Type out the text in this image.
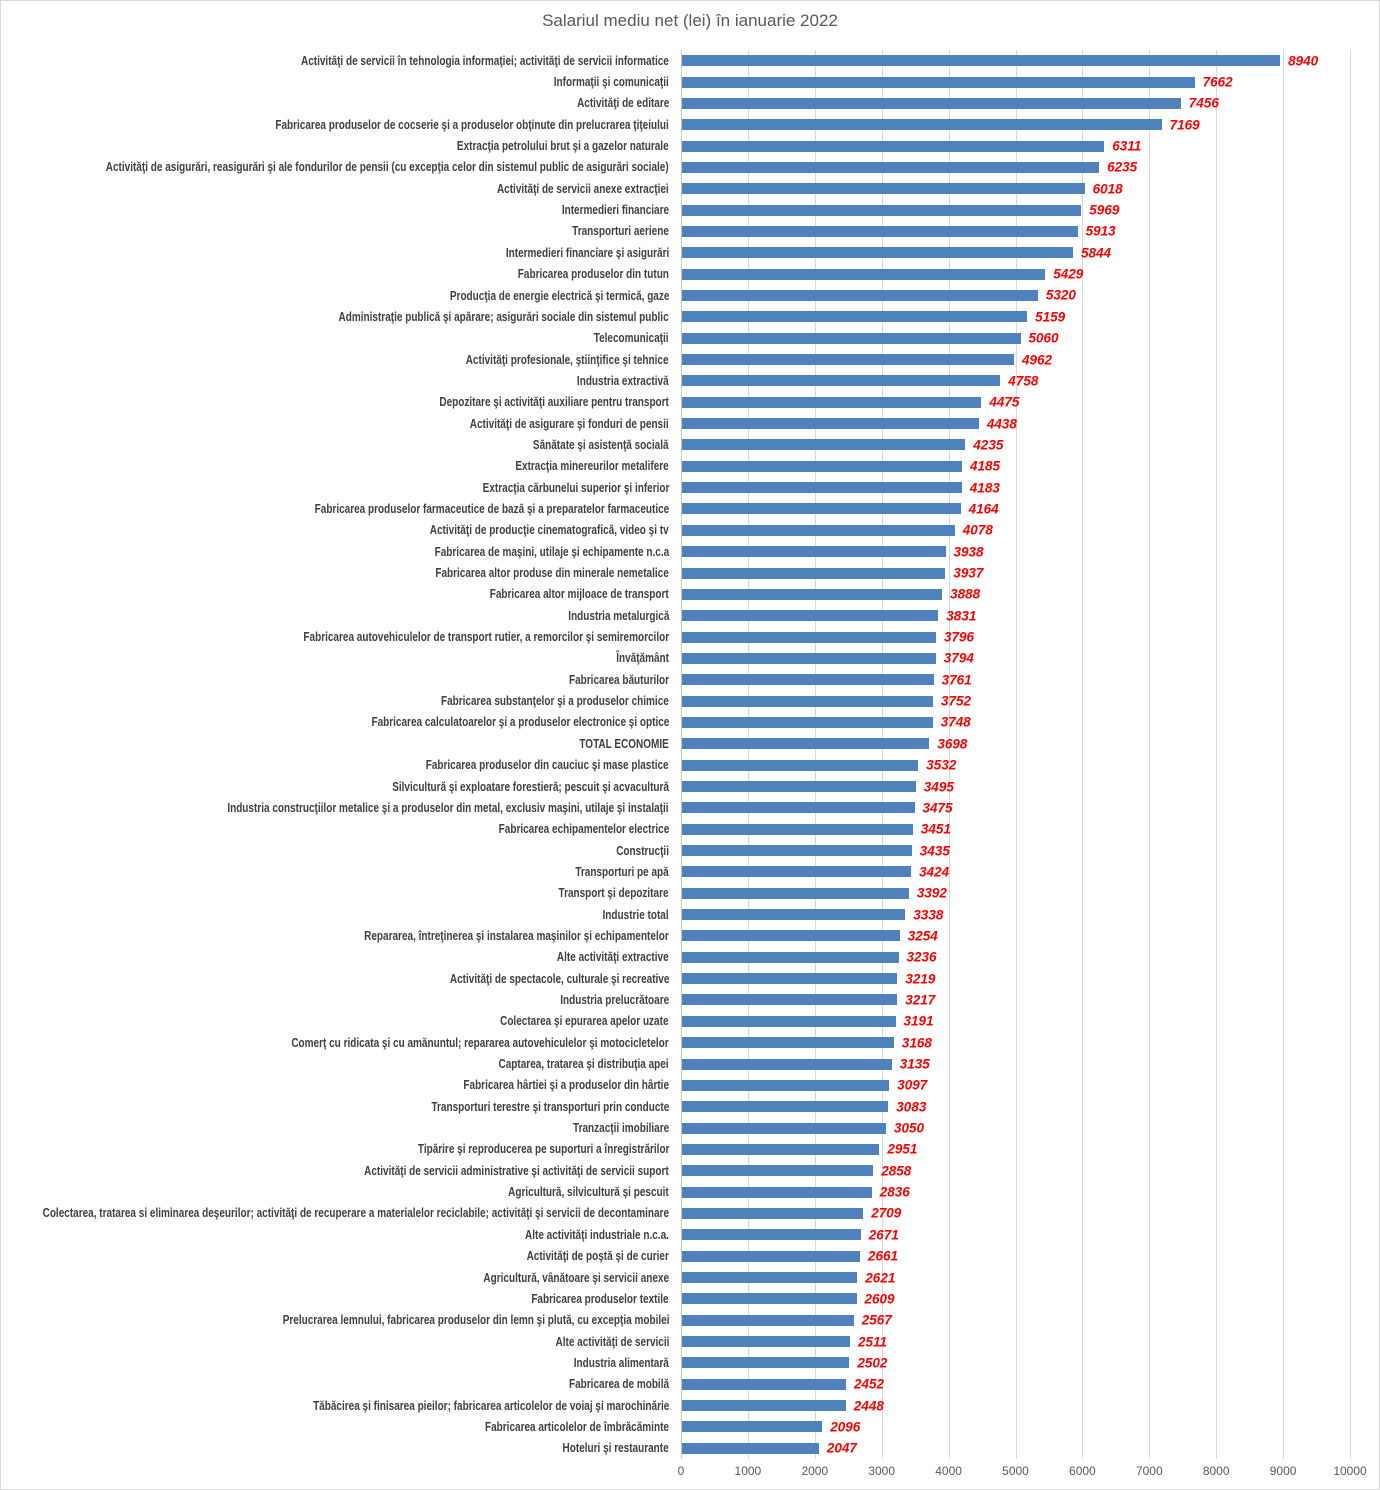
Salariul mediu net (lei) în ianuarie 2022
0	1000	2000	3000	4000	5000	6000	7000	8000	9000	10000
Activităţi de servicii în tehnologia informaţiei; activităţi de servicii informatice	8940
Informaţii şi comunicaţii	7662
Activităţi de editare	7456
Fabricarea produselor de cocserie şi a produselor obţinute din prelucrarea ţiţeiului	7169
Extracţia petrolului brut şi a gazelor naturale	6311
Activităţi de asigurări, reasigurări şi ale fondurilor de pensii (cu excepţia celor din sistemul public de asigurări sociale)	6235
Activităţi de servicii anexe extracţiei	6018
Intermedieri financiare	5969
Transporturi aeriene	5913
Intermedieri financiare şi asigurări	5844
Fabricarea produselor din tutun	5429
Producţia de energie electrică şi termică, gaze	5320
Administraţie publică şi apărare; asigurări sociale din sistemul public	5159
Telecomunicaţii	5060
Activităţi profesionale, ştiinţifice şi tehnice	4962
Industria extractivă	4758
Depozitare şi activităţi auxiliare pentru transport	4475
Activităţi de asigurare şi fonduri de pensii	4438
Sănătate şi asistenţă socială	4235
Extracţia minereurilor metalifere	4185
Extracţia cărbunelui superior şi inferior	4183
Fabricarea produselor farmaceutice de bază şi a preparatelor farmaceutice	4164
Activităţi de producţie cinematografică, video şi tv	4078
Fabricarea de maşini, utilaje şi echipamente n.c.a	3938
Fabricarea altor produse din minerale nemetalice	3937
Fabricarea altor mijloace de transport	3888
Industria metalurgică	3831
Fabricarea autovehiculelor de transport rutier, a remorcilor şi semiremorcilor	3796
Învăţământ	3794
Fabricarea băuturilor	3761
Fabricarea substanţelor şi a produselor chimice	3752
Fabricarea calculatoarelor şi a produselor electronice şi optice	3748
TOTAL ECONOMIE	3698
Fabricarea produselor din cauciuc şi mase plastice	3532
Silvicultură şi exploatare forestieră; pescuit şi acvacultură	3495
Industria construcţiilor metalice şi a produselor din metal, exclusiv maşini, utilaje şi instalaţii	3475
Fabricarea echipamentelor electrice	3451
Construcţii	3435
Transporturi pe apă	3424
Transport şi depozitare	3392
Industrie total	3338
Repararea, întreţinerea şi instalarea maşinilor şi echipamentelor	3254
Alte activităţi extractive	3236
Activităţi de spectacole, culturale şi recreative	3219
Industria prelucrătoare	3217
Colectarea şi epurarea apelor uzate	3191
Comerţ cu ridicata şi cu amănuntul; repararea autovehiculelor şi motocicletelor	3168
Captarea, tratarea şi distribuţia apei	3135
Fabricarea hârtiei şi a produselor din hârtie	3097
Transporturi terestre şi transporturi prin conducte	3083
Tranzacţii imobiliare	3050
Tipărire şi reproducerea pe suporturi a înregistrărilor	2951
Activităţi de servicii administrative şi activităţi de servicii suport	2858
Agricultură, silvicultură şi pescuit	2836
Colectarea, tratarea si eliminarea deşeurilor; activităţi de recuperare a materialelor reciclabile; activităţi şi servicii de decontaminare	2709
Alte activităţi industriale n.c.a.	2671
Activităţi de poştă şi de curier	2661
Agricultură, vânătoare şi servicii anexe	2621
Fabricarea produselor textile	2609
Prelucrarea lemnului, fabricarea produselor din lemn şi plută, cu excepţia mobilei	2567
Alte activităţi de servicii	2511
Industria alimentară	2502
Fabricarea de mobilă	2452
Tăbăcirea şi finisarea pieilor; fabricarea articolelor de voiaj şi marochinărie	2448
Fabricarea articolelor de îmbrăcăminte	2096
Hoteluri şi restaurante	2047
